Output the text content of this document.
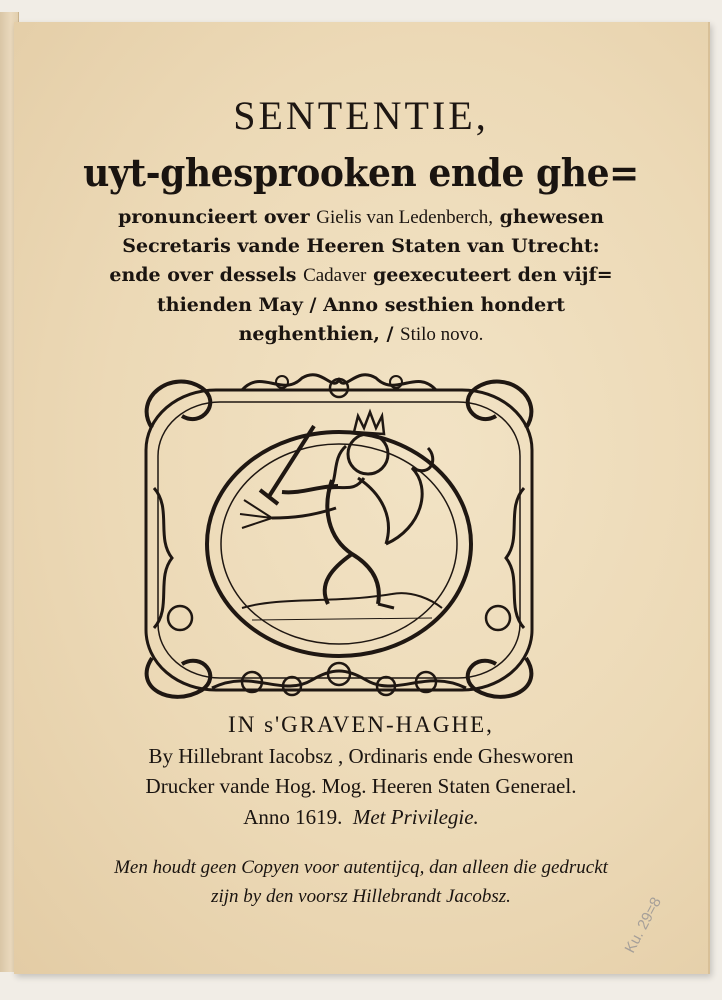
SENTENTIE,
uyt-ghesprooken ende ghe=
pronuncieert over Gielis van Ledenberch, ghewesen
Secretaris vande Heeren Staten van Utrecht:
ende over dessels Cadaver geexecuteert den vijf=
thienden May / Anno sesthien hondert
neghenthien, / Stilo novo.
IN s'GRAVEN-HAGHE,
By Hillebrant Iacobsz , Ordinaris ende Ghesworen
Drucker vande Hog. Mog. Heeren Staten Generael.
Anno 1619. Met Privilegie.
Men houdt geen Copyen voor autentijcq, dan alleen die gedruckt
zijn by den voorsz Hillebrandt Jacobsz.	Ku. 29=8
